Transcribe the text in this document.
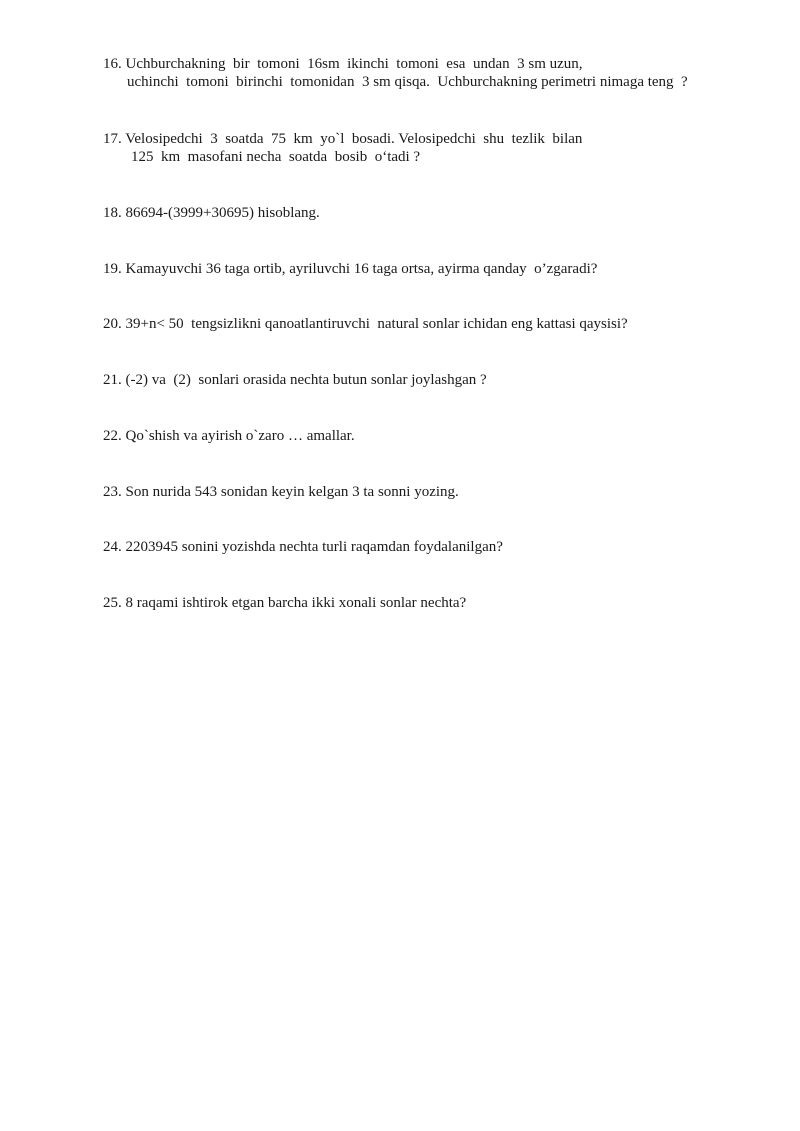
16. Uchburchakning  bir  tomoni  16sm  ikinchi  tomoni  esa  undan  3 sm uzun,
uchinchi  tomoni  birinchi  tomonidan  3 sm qisqa.  Uchburchakning perimetri nimaga teng  ?
17. Velosipedchi  3  soatda  75  km  yo`l  bosadi. Velosipedchi  shu  tezlik  bilan
125  km  masofani necha  soatda  bosib  o‘tadi ?
18. 86694-(3999+30695) hisoblang.
19. Kamayuvchi 36 taga ortib, ayriluvchi 16 taga ortsa, ayirma qanday  o’zgaradi?
20. 39+n< 50  tengsizlikni qanoatlantiruvchi  natural sonlar ichidan eng kattasi qaysisi?
21. (-2) va  (2)  sonlari orasida nechta butun sonlar joylashgan ?
22. Qo`shish va ayirish o`zaro … amallar.
23. Son nurida 543 sonidan keyin kelgan 3 ta sonni yozing.
24. 2203945 sonini yozishda nechta turli raqamdan foydalanilgan?
25. 8 raqami ishtirok etgan barcha ikki xonali sonlar nechta?
